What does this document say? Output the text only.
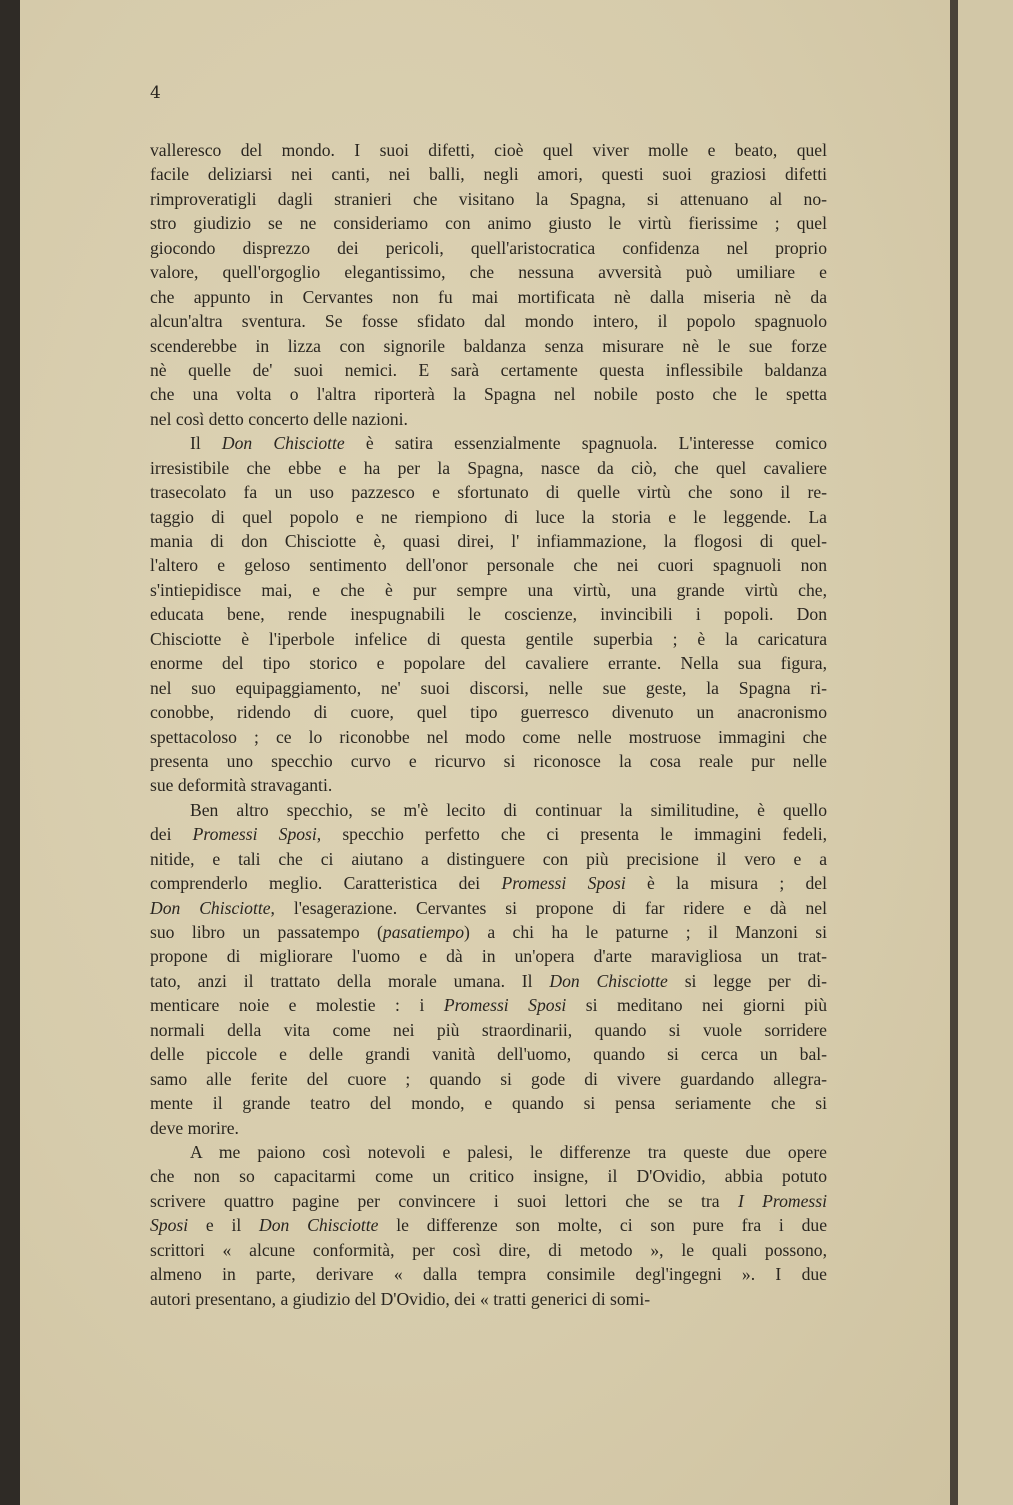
4
valleresco del mondo. I suoi difetti, cioè quel viver molle e beato, quel
facile deliziarsi nei canti, nei balli, negli amori, questi suoi graziosi difetti
rimproveratigli dagli stranieri che visitano la Spagna, si attenuano al no-
stro giudizio se ne consideriamo con animo giusto le virtù fierissime ; quel
giocondo disprezzo dei pericoli, quell'aristocratica confidenza nel proprio
valore, quell'orgoglio elegantissimo, che nessuna avversità può umiliare e
che appunto in Cervantes non fu mai mortificata nè dalla miseria nè da
alcun'altra sventura. Se fosse sfidato dal mondo intero, il popolo spagnuolo
scenderebbe in lizza con signorile baldanza senza misurare nè le sue forze
nè quelle de' suoi nemici. E sarà certamente questa inflessibile baldanza
che una volta o l'altra riporterà la Spagna nel nobile posto che le spetta
nel così detto concerto delle nazioni.
Il Don Chisciotte è satira essenzialmente spagnuola. L'interesse comico
irresistibile che ebbe e ha per la Spagna, nasce da ciò, che quel cavaliere
trasecolato fa un uso pazzesco e sfortunato di quelle virtù che sono il re-
taggio di quel popolo e ne riempiono di luce la storia e le leggende. La
mania di don Chisciotte è, quasi direi, l' infiammazione, la flogosi di quel-
l'altero e geloso sentimento dell'onor personale che nei cuori spagnuoli non
s'intiepidisce mai, e che è pur sempre una virtù, una grande virtù che,
educata bene, rende inespugnabili le coscienze, invincibili i popoli. Don
Chisciotte è l'iperbole infelice di questa gentile superbia ; è la caricatura
enorme del tipo storico e popolare del cavaliere errante. Nella sua figura,
nel suo equipaggiamento, ne' suoi discorsi, nelle sue geste, la Spagna ri-
conobbe, ridendo di cuore, quel tipo guerresco divenuto un anacronismo
spettacoloso ; ce lo riconobbe nel modo come nelle mostruose immagini che
presenta uno specchio curvo e ricurvo si riconosce la cosa reale pur nelle
sue deformità stravaganti.
Ben altro specchio, se m'è lecito di continuar la similitudine, è quello
dei Promessi Sposi, specchio perfetto che ci presenta le immagini fedeli,
nitide, e tali che ci aiutano a distinguere con più precisione il vero e a
comprenderlo meglio. Caratteristica dei Promessi Sposi è la misura ; del
Don Chisciotte, l'esagerazione. Cervantes si propone di far ridere e dà nel
suo libro un passatempo (pasatiempo) a chi ha le paturne ; il Manzoni si
propone di migliorare l'uomo e dà in un'opera d'arte maravigliosa un trat-
tato, anzi il trattato della morale umana. Il Don Chisciotte si legge per di-
menticare noie e molestie : i Promessi Sposi si meditano nei giorni più
normali della vita come nei più straordinarii, quando si vuole sorridere
delle piccole e delle grandi vanità dell'uomo, quando si cerca un bal-
samo alle ferite del cuore ; quando si gode di vivere guardando allegra-
mente il grande teatro del mondo, e quando si pensa seriamente che si
deve morire.
A me paiono così notevoli e palesi, le differenze tra queste due opere
che non so capacitarmi come un critico insigne, il D'Ovidio, abbia potuto
scrivere quattro pagine per convincere i suoi lettori che se tra I Promessi
Sposi e il Don Chisciotte le differenze son molte, ci son pure fra i due
scrittori « alcune conformità, per così dire, di metodo », le quali possono,
almeno in parte, derivare « dalla tempra consimile degl'ingegni ». I due
autori presentano, a giudizio del D'Ovidio, dei « tratti generici di somi-
